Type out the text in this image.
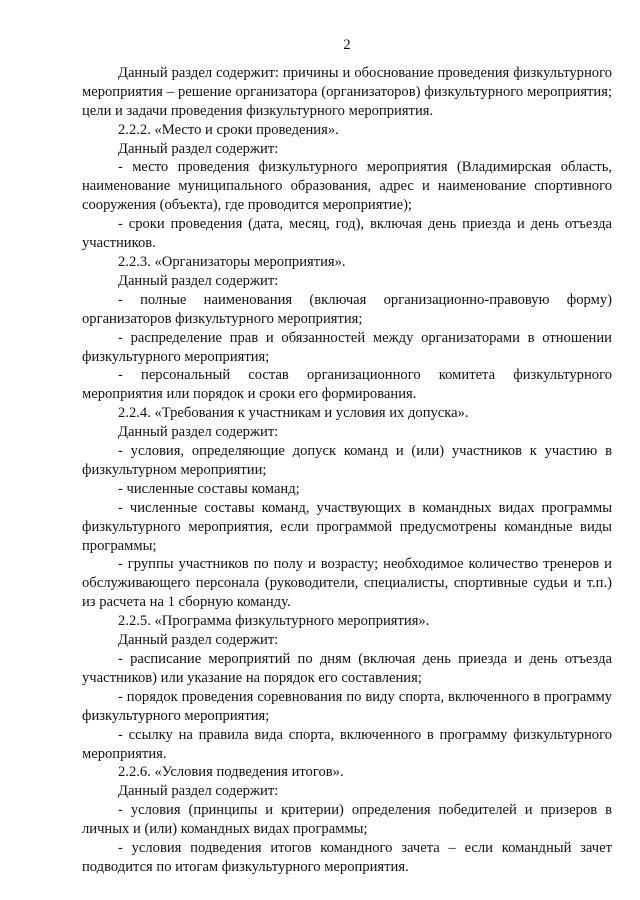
2

Данный раздел содержит: причины и обоснование проведения физкультурного мероприятия – решение организатора (организаторов) физкультурного мероприятия; цели и задачи проведения физкультурного мероприятия.

2.2.2. «Место и сроки проведения».

Данный раздел содержит:

- место проведения физкультурного мероприятия (Владимирская область, наименование муниципального образования, адрес и наименование спортивного сооружения (объекта), где проводится мероприятие);

- сроки проведения (дата, месяц, год), включая день приезда и день отъезда участников.

2.2.3. «Организаторы мероприятия».

Данный раздел содержит:

- полные наименования (включая организационно-правовую форму) организаторов физкультурного мероприятия;

- распределение прав и обязанностей между организаторами в отношении физкультурного мероприятия;

- персональный состав организационного комитета физкультурного мероприятия или порядок и сроки его формирования.

2.2.4. «Требования к участникам и условия их допуска».

Данный раздел содержит:

- условия, определяющие допуск команд и (или) участников к участию в физкультурном мероприятии;

- численные составы команд;

- численные составы команд, участвующих в командных видах программы физкультурного мероприятия, если программой предусмотрены командные виды программы;

- группы участников по полу и возрасту; необходимое количество тренеров и обслуживающего персонала (руководители, специалисты, спортивные судьи и т.п.) из расчета на 1 сборную команду.

2.2.5. «Программа физкультурного мероприятия».

Данный раздел содержит:

- расписание мероприятий по дням (включая день приезда и день отъезда участников) или указание на порядок его составления;

- порядок проведения соревнования по виду спорта, включенного в программу физкультурного мероприятия;

- ссылку на правила вида спорта, включенного в программу физкультурного мероприятия.

2.2.6. «Условия подведения итогов».

Данный раздел содержит:

- условия (принципы и критерии) определения победителей и призеров в личных и (или) командных видах программы;

- условия подведения итогов командного зачета – если командный зачет подводится по итогам физкультурного мероприятия.
